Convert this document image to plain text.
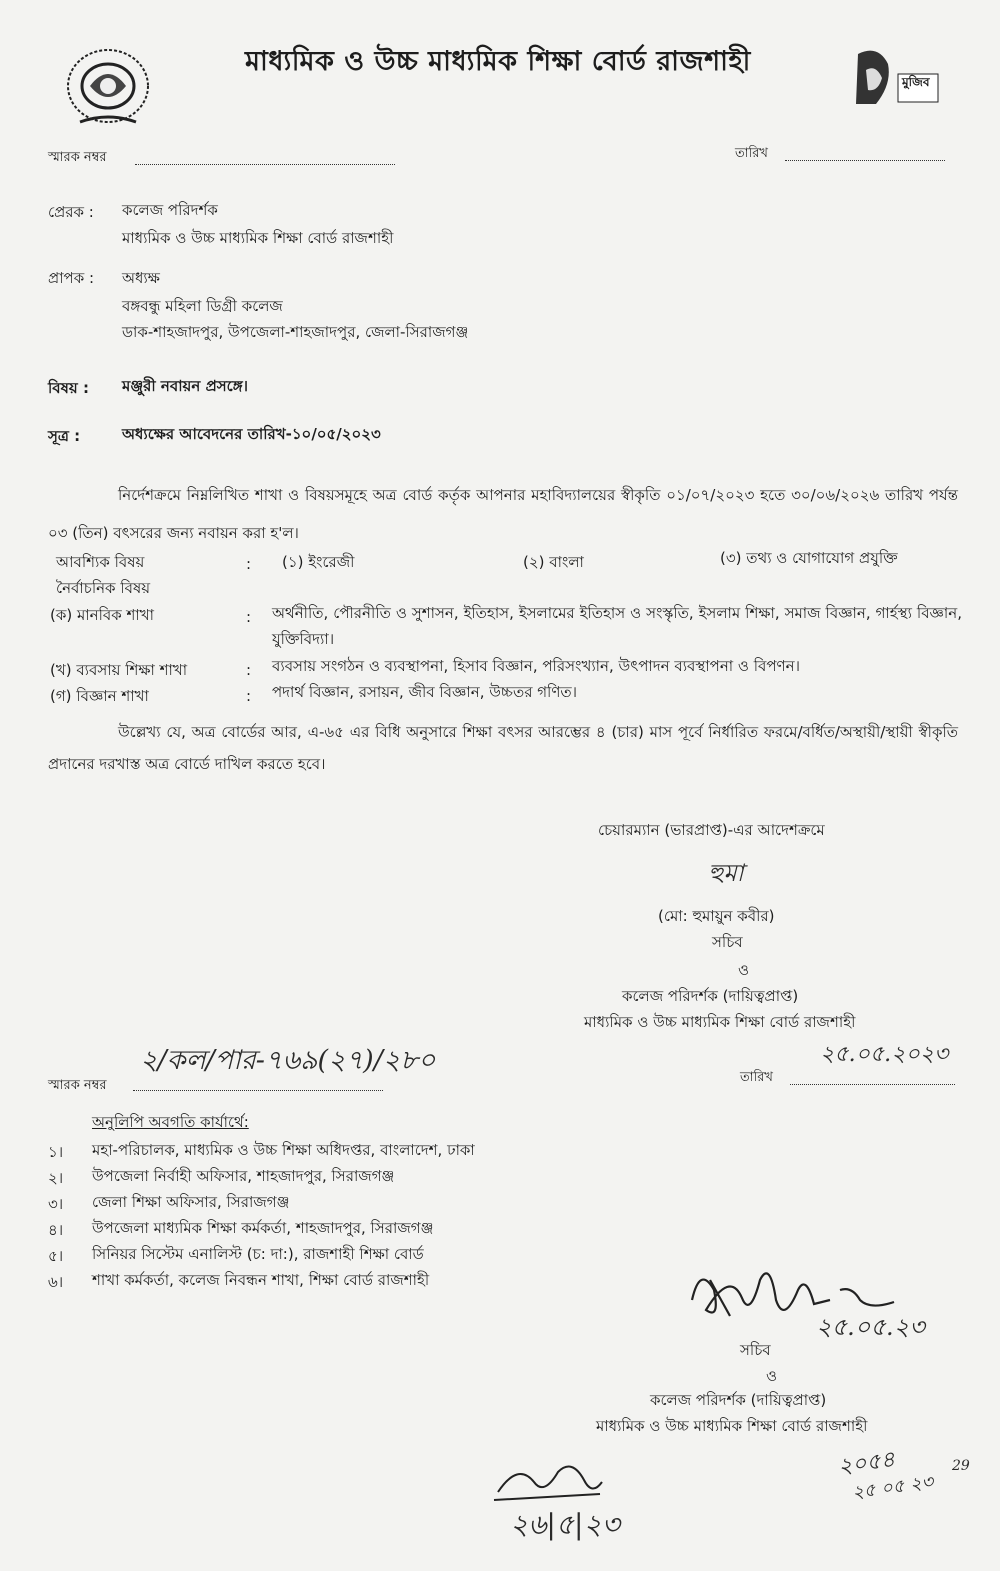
মাধ্যমিক ও উচ্চ মাধ্যমিক শিক্ষা বোর্ড রাজশাহী
মুজিব
স্মারক নম্বর	তারিখ
প্রেরক : কলেজ পরিদর্শক
মাধ্যমিক ও উচ্চ মাধ্যমিক শিক্ষা বোর্ড রাজশাহী
প্রাপক : অধ্যক্ষ
বঙ্গবন্ধু মহিলা ডিগ্রী কলেজ
ডাক-শাহজাদপুর, উপজেলা-শাহজাদপুর, জেলা-সিরাজগঞ্জ
বিষয় : মঞ্জুরী নবায়ন প্রসঙ্গে।
সূত্র :	অধ্যক্ষের আবেদনের তারিখ-১০/০৫/২০২৩
নির্দেশক্রমে নিম্নলিখিত শাখা ও বিষয়সমূহে অত্র বোর্ড কর্তৃক আপনার মহাবিদ্যালয়ের স্বীকৃতি ০১/০৭/২০২৩ হতে ৩০/০৬/২০২৬ তারিখ পর্যন্ত ০৩ (তিন) বৎসরের জন্য নবায়ন করা হ'ল।
আবশ্যিক বিষয়	: (১) ইংরেজী	(২) বাংলা	(৩) তথ্য ও যোগাযোগ প্রযুক্তি
নৈর্বাচনিক বিষয়
(ক) মানবিক শাখা	: অর্থনীতি, পৌরনীতি ও সুশাসন, ইতিহাস, ইসলামের ইতিহাস ও সংস্কৃতি, ইসলাম শিক্ষা, সমাজ বিজ্ঞান, গার্হস্থ্য বিজ্ঞান, যুক্তিবিদ্যা।
(খ) ব্যবসায় শিক্ষা শাখা	: ব্যবসায় সংগঠন ও ব্যবস্থাপনা, হিসাব বিজ্ঞান, পরিসংখ্যান, উৎপাদন ব্যবস্থাপনা ও বিপণন।
(গ) বিজ্ঞান শাখা	: পদার্থ বিজ্ঞান, রসায়ন, জীব বিজ্ঞান, উচ্চতর গণিত।
উল্লেখ্য যে, অত্র বোর্ডের আর, এ-৬৫ এর বিধি অনুসারে শিক্ষা বৎসর আরম্ভের ৪ (চার) মাস পূর্বে নির্ধারিত ফরমে/বর্ধিত/অস্থায়ী/স্থায়ী স্বীকৃতি প্রদানের দরখাস্ত অত্র বোর্ডে দাখিল করতে হবে।
চেয়ারম্যান (ভারপ্রাপ্ত)-এর আদেশক্রমে
হুমা
(মো: হুমায়ুন কবীর)
সচিব
ও
কলেজ পরিদর্শক (দায়িত্বপ্রাপ্ত)
মাধ্যমিক ও উচ্চ মাধ্যমিক শিক্ষা বোর্ড রাজশাহী
২/কল/পার-৭৬৯(২৭)/২৮০
স্মারক নম্বর
২৫.০৫.২০২৩
তারিখ
অনুলিপি অবগতি কার্যার্থে:
১। মহা-পরিচালক, মাধ্যমিক ও উচ্চ শিক্ষা অধিদপ্তর, বাংলাদেশ, ঢাকা
২। উপজেলা নির্বাহী অফিসার, শাহজাদপুর, সিরাজগঞ্জ
৩। জেলা শিক্ষা অফিসার, সিরাজগঞ্জ
৪। উপজেলা মাধ্যমিক শিক্ষা কর্মকর্তা, শাহজাদপুর, সিরাজগঞ্জ
৫। সিনিয়র সিস্টেম এনালিস্ট (চ: দা:), রাজশাহী শিক্ষা বোর্ড
৬। শাখা কর্মকর্তা, কলেজ নিবন্ধন শাখা, শিক্ষা বোর্ড রাজশাহী
২৫.০৫.২৩
সচিব
ও
কলেজ পরিদর্শক (দায়িত্বপ্রাপ্ত)
মাধ্যমিক ও উচ্চ মাধ্যমিক শিক্ষা বোর্ড রাজশাহী
২৬|৫|২৩
২০৫৪
২৫ ০৫ ২৩
29
